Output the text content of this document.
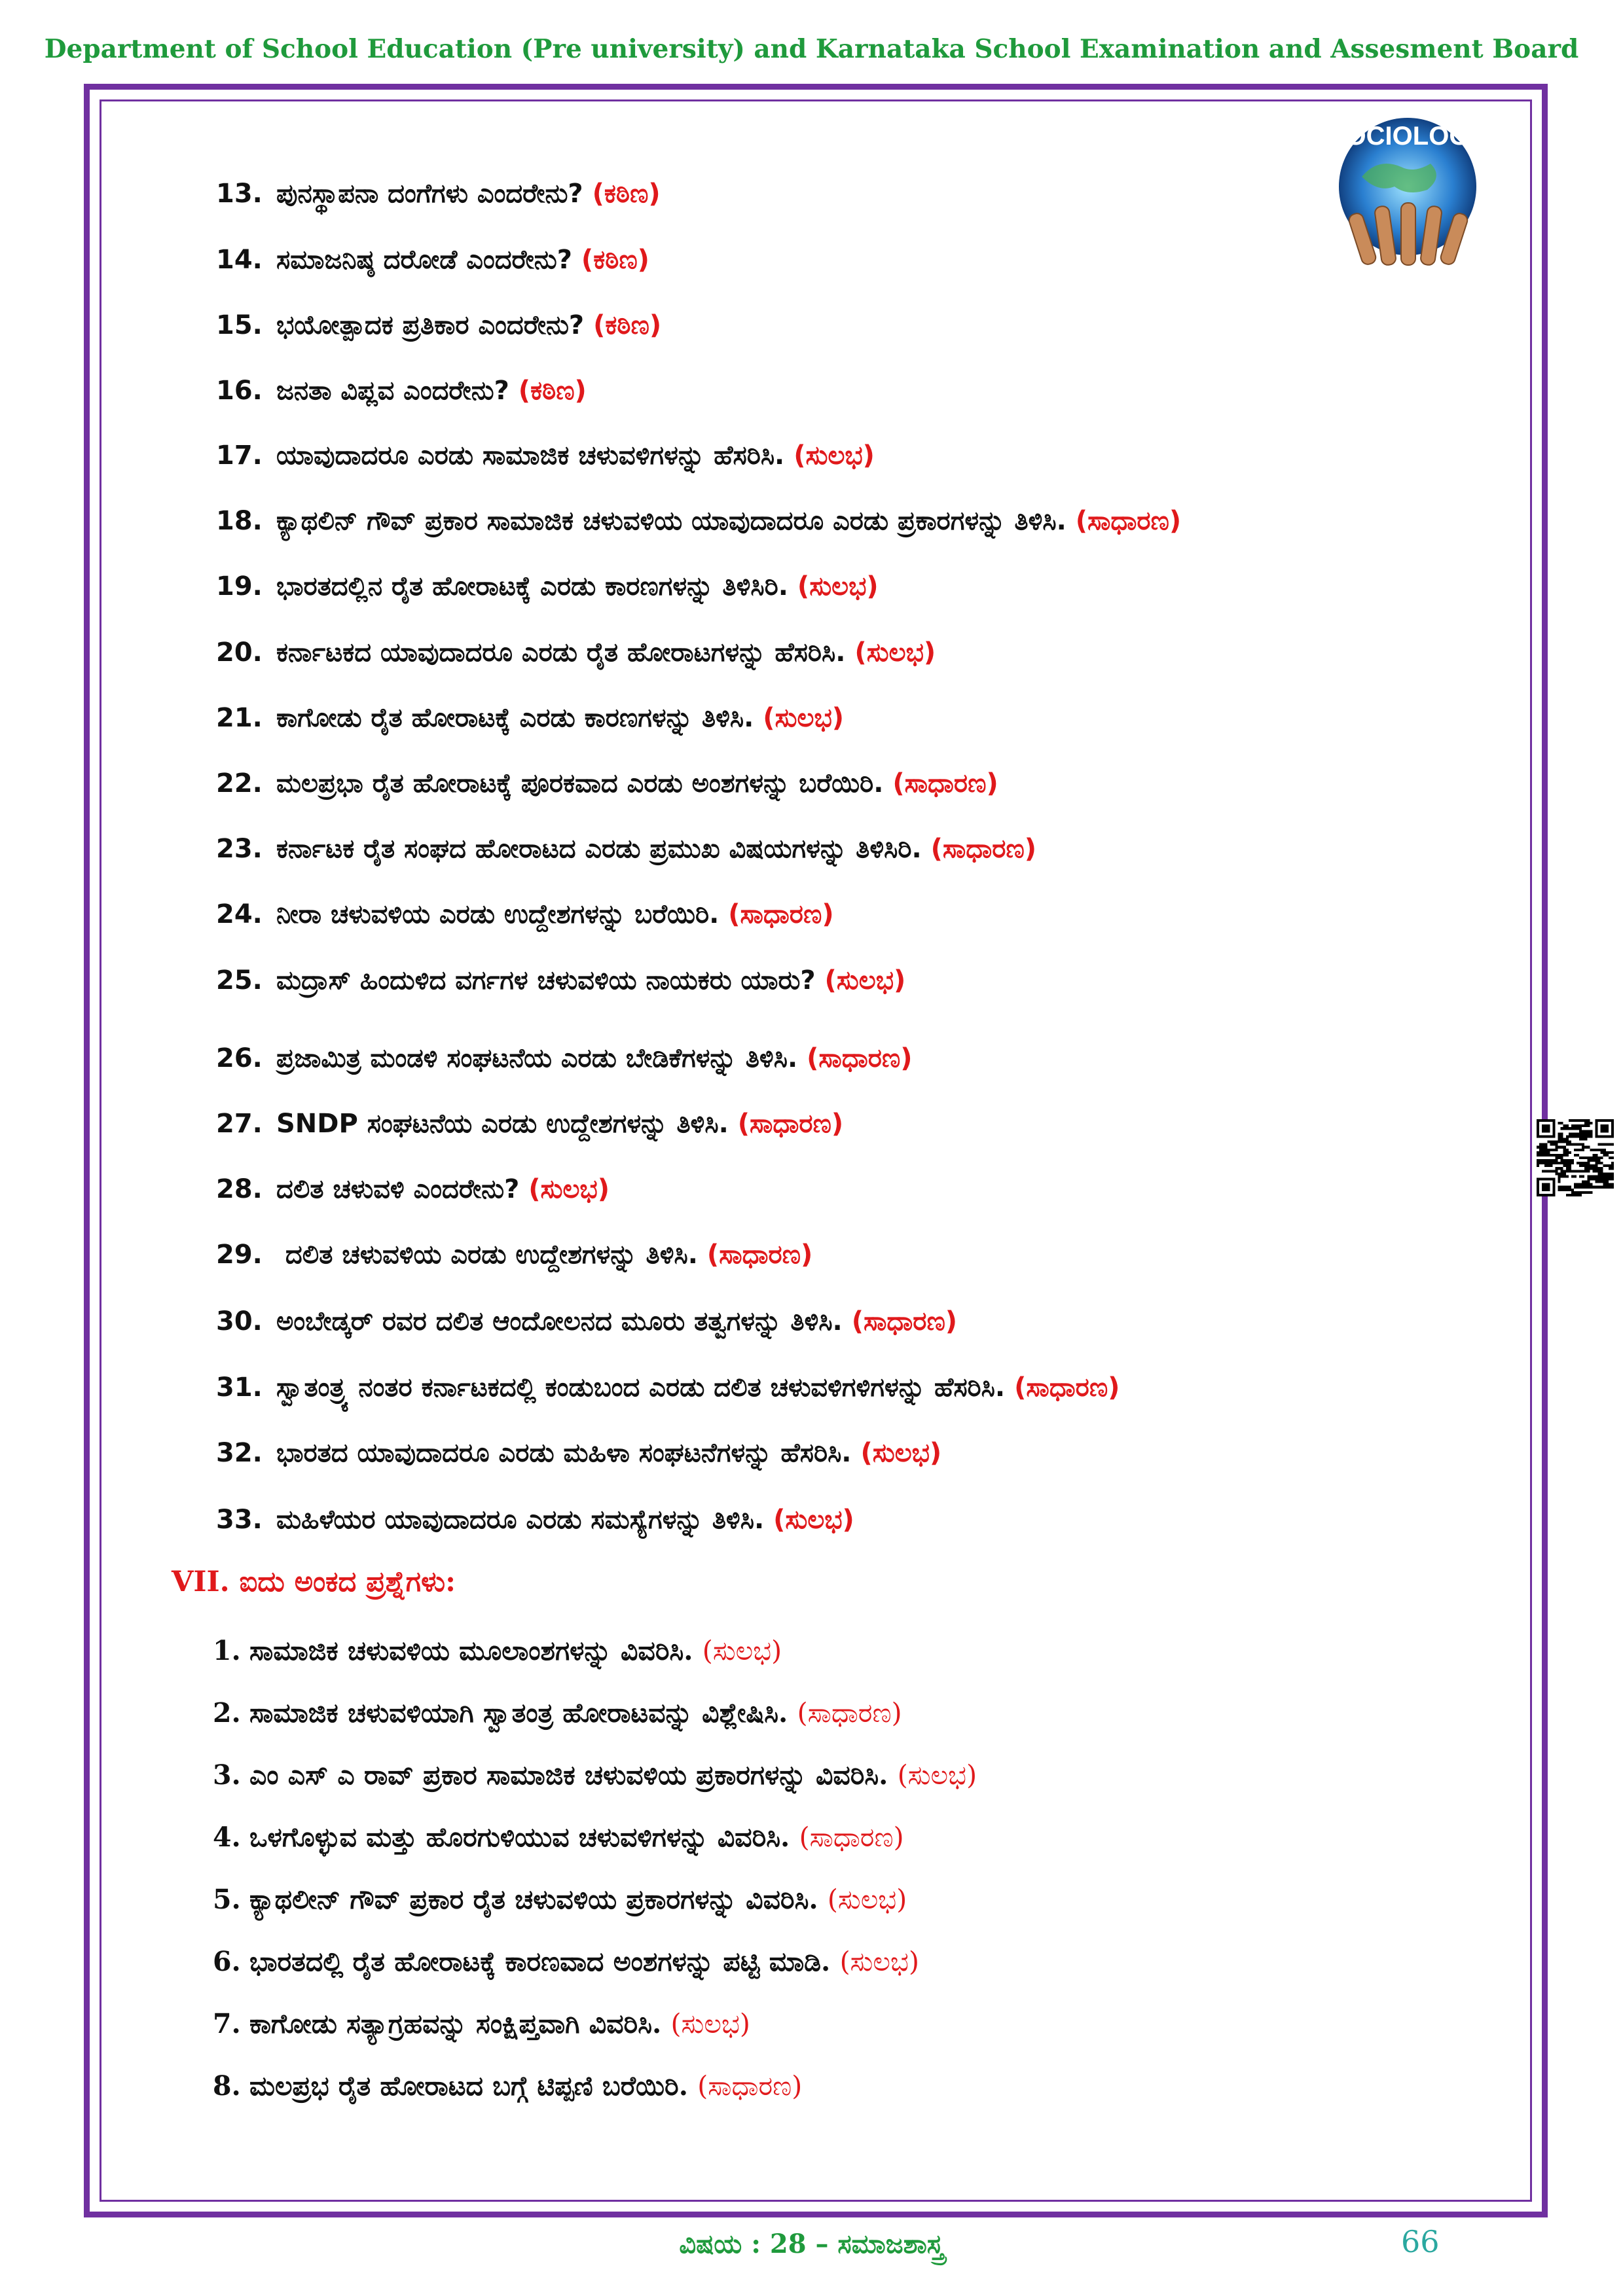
Department of School Education (Pre university) and Karnataka School Examination and Assesment Board
SOCIOLOGY
13. ಪುನಸ್ಥಾಪನಾ ದಂಗೆಗಳು ಎಂದರೇನು? (ಕಠಿಣ)
14. ಸಮಾಜನಿಷ್ಠ ದರೋಡೆ ಎಂದರೇನು? (ಕಠಿಣ)
15. ಭಯೋತ್ಪಾದಕ ಪ್ರತಿಕಾರ ಎಂದರೇನು? (ಕಠಿಣ)
16. ಜನತಾ ವಿಪ್ಲವ ಎಂದರೇನು? (ಕಠಿಣ)
17. ಯಾವುದಾದರೂ ಎರಡು ಸಾಮಾಜಿಕ ಚಳುವಳಿಗಳನ್ನು ಹೆಸರಿಸಿ. (ಸುಲಭ)
18. ಕ್ಯಾಥಲಿನ್ ಗೌವ್ ಪ್ರಕಾರ ಸಾಮಾಜಿಕ ಚಳುವಳಿಯ ಯಾವುದಾದರೂ ಎರಡು ಪ್ರಕಾರಗಳನ್ನು ತಿಳಿಸಿ. (ಸಾಧಾರಣ)
19. ಭಾರತದಲ್ಲಿನ ರೈತ ಹೋರಾಟಕ್ಕೆ ಎರಡು ಕಾರಣಗಳನ್ನು ತಿಳಿಸಿರಿ. (ಸುಲಭ)
20. ಕರ್ನಾಟಕದ ಯಾವುದಾದರೂ ಎರಡು ರೈತ ಹೋರಾಟಗಳನ್ನು ಹೆಸರಿಸಿ. (ಸುಲಭ)
21. ಕಾಗೋಡು ರೈತ ಹೋರಾಟಕ್ಕೆ ಎರಡು ಕಾರಣಗಳನ್ನು ತಿಳಿಸಿ. (ಸುಲಭ)
22. ಮಲಪ್ರಭಾ ರೈತ ಹೋರಾಟಕ್ಕೆ ಪೂರಕವಾದ ಎರಡು ಅಂಶಗಳನ್ನು ಬರೆಯಿರಿ. (ಸಾಧಾರಣ)
23. ಕರ್ನಾಟಕ ರೈತ ಸಂಘದ ಹೋರಾಟದ ಎರಡು ಪ್ರಮುಖ ವಿಷಯಗಳನ್ನು ತಿಳಿಸಿರಿ. (ಸಾಧಾರಣ)
24. ನೀರಾ ಚಳುವಳಿಯ ಎರಡು ಉದ್ದೇಶಗಳನ್ನು ಬರೆಯಿರಿ. (ಸಾಧಾರಣ)
25. ಮದ್ರಾಸ್ ಹಿಂದುಳಿದ ವರ್ಗಗಳ ಚಳುವಳಿಯ ನಾಯಕರು ಯಾರು? (ಸುಲಭ)
26. ಪ್ರಜಾಮಿತ್ರ ಮಂಡಳಿ ಸಂಘಟನೆಯ ಎರಡು ಬೇಡಿಕೆಗಳನ್ನು ತಿಳಿಸಿ. (ಸಾಧಾರಣ)
27. SNDP ಸಂಘಟನೆಯ ಎರಡು ಉದ್ದೇಶಗಳನ್ನು ತಿಳಿಸಿ. (ಸಾಧಾರಣ)
28. ದಲಿತ ಚಳುವಳಿ ಎಂದರೇನು? (ಸುಲಭ)
29. ದಲಿತ ಚಳುವಳಿಯ ಎರಡು ಉದ್ದೇಶಗಳನ್ನು ತಿಳಿಸಿ. (ಸಾಧಾರಣ)
30. ಅಂಬೇಡ್ಕರ್ ರವರ ದಲಿತ ಆಂದೋಲನದ ಮೂರು ತತ್ವಗಳನ್ನು ತಿಳಿಸಿ. (ಸಾಧಾರಣ)
31. ಸ್ವಾತಂತ್ರ್ಯ ನಂತರ ಕರ್ನಾಟಕದಲ್ಲಿ ಕಂಡುಬಂದ ಎರಡು ದಲಿತ ಚಳುವಳಿಗಳಿಗಳನ್ನು ಹೆಸರಿಸಿ. (ಸಾಧಾರಣ)
32. ಭಾರತದ ಯಾವುದಾದರೂ ಎರಡು ಮಹಿಳಾ ಸಂಘಟನೆಗಳನ್ನು ಹೆಸರಿಸಿ. (ಸುಲಭ)
33. ಮಹಿಳೆಯರ ಯಾವುದಾದರೂ ಎರಡು ಸಮಸ್ಯೆಗಳನ್ನು ತಿಳಿಸಿ. (ಸುಲಭ)
VII. ಐದು ಅಂಕದ ಪ್ರಶ್ನೆಗಳು:
1. ಸಾಮಾಜಿಕ ಚಳುವಳಿಯ ಮೂಲಾಂಶಗಳನ್ನು ವಿವರಿಸಿ. (ಸುಲಭ)
2. ಸಾಮಾಜಿಕ ಚಳುವಳಿಯಾಗಿ ಸ್ವಾತಂತ್ರ ಹೋರಾಟವನ್ನು ವಿಶ್ಲೇಷಿಸಿ. (ಸಾಧಾರಣ)
3. ಎಂ ಎಸ್ ಎ ರಾವ್ ಪ್ರಕಾರ ಸಾಮಾಜಿಕ ಚಳುವಳಿಯ ಪ್ರಕಾರಗಳನ್ನು ವಿವರಿಸಿ. (ಸುಲಭ)
4. ಒಳಗೊಳ್ಳುವ ಮತ್ತು ಹೊರಗುಳಿಯುವ ಚಳುವಳಿಗಳನ್ನು ವಿವರಿಸಿ. (ಸಾಧಾರಣ)
5. ಕ್ಯಾಥಲೀನ್ ಗೌವ್ ಪ್ರಕಾರ ರೈತ ಚಳುವಳಿಯ ಪ್ರಕಾರಗಳನ್ನು ವಿವರಿಸಿ. (ಸುಲಭ)
6. ಭಾರತದಲ್ಲಿ ರೈತ ಹೋರಾಟಕ್ಕೆ ಕಾರಣವಾದ ಅಂಶಗಳನ್ನು ಪಟ್ಟಿ ಮಾಡಿ. (ಸುಲಭ)
7. ಕಾಗೋಡು ಸತ್ಯಾಗ್ರಹವನ್ನು ಸಂಕ್ಷಿಪ್ತವಾಗಿ ವಿವರಿಸಿ. (ಸುಲಭ)
8. ಮಲಪ್ರಭ ರೈತ ಹೋರಾಟದ ಬಗ್ಗೆ ಟಿಪ್ಪಣಿ ಬರೆಯಿರಿ. (ಸಾಧಾರಣ)
ವಿಷಯ : 28 – ಸಮಾಜಶಾಸ್ತ್ರ	66
